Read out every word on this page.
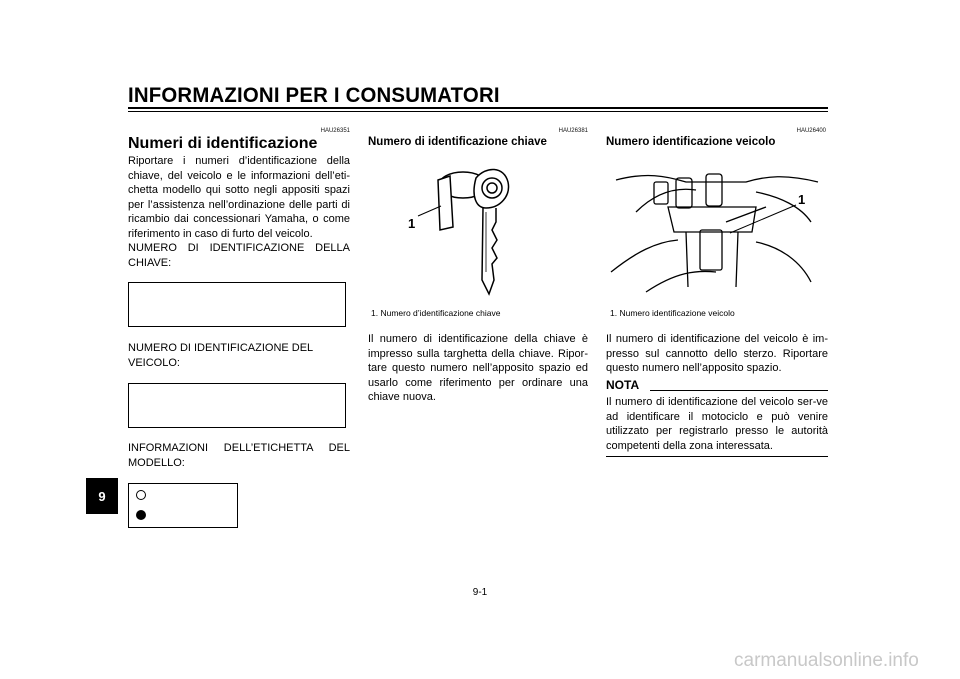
INFORMAZIONI PER I CONSUMATORI
9
HAU26351
Numeri di identificazione
Riportare i numeri d’identificazione della chiave, del veicolo e le informazioni dell’eti-chetta modello qui sotto negli appositi spazi per l’assistenza nell’ordinazione delle parti di ricambio dai concessionari Yamaha, o come riferimento in caso di furto del veicolo.
NUMERO DI IDENTIFICAZIONE DELLA CHIAVE:
NUMERO DI IDENTIFICAZIONE DEL VEICOLO:
INFORMAZIONI DELL’ETICHETTA DEL MODELLO:
HAU26381
Numero di identificazione chiave
1
1. Numero d’identificazione chiave
Il numero di identificazione della chiave è impresso sulla targhetta della chiave. Ripor-tare questo numero nell’apposito spazio ed usarlo come riferimento per ordinare una chiave nuova.
HAU26400
Numero identificazione veicolo
1
1. Numero identificazione veicolo
Il numero di identificazione del veicolo è im-presso sul cannotto dello sterzo. Riportare questo numero nell’apposito spazio.
NOTA
Il numero di identificazione del veicolo ser-ve ad identificare il motociclo e può venire utilizzato per registrarlo presso le autorità competenti della zona interessata.
9-1
carmanualsonline.info
